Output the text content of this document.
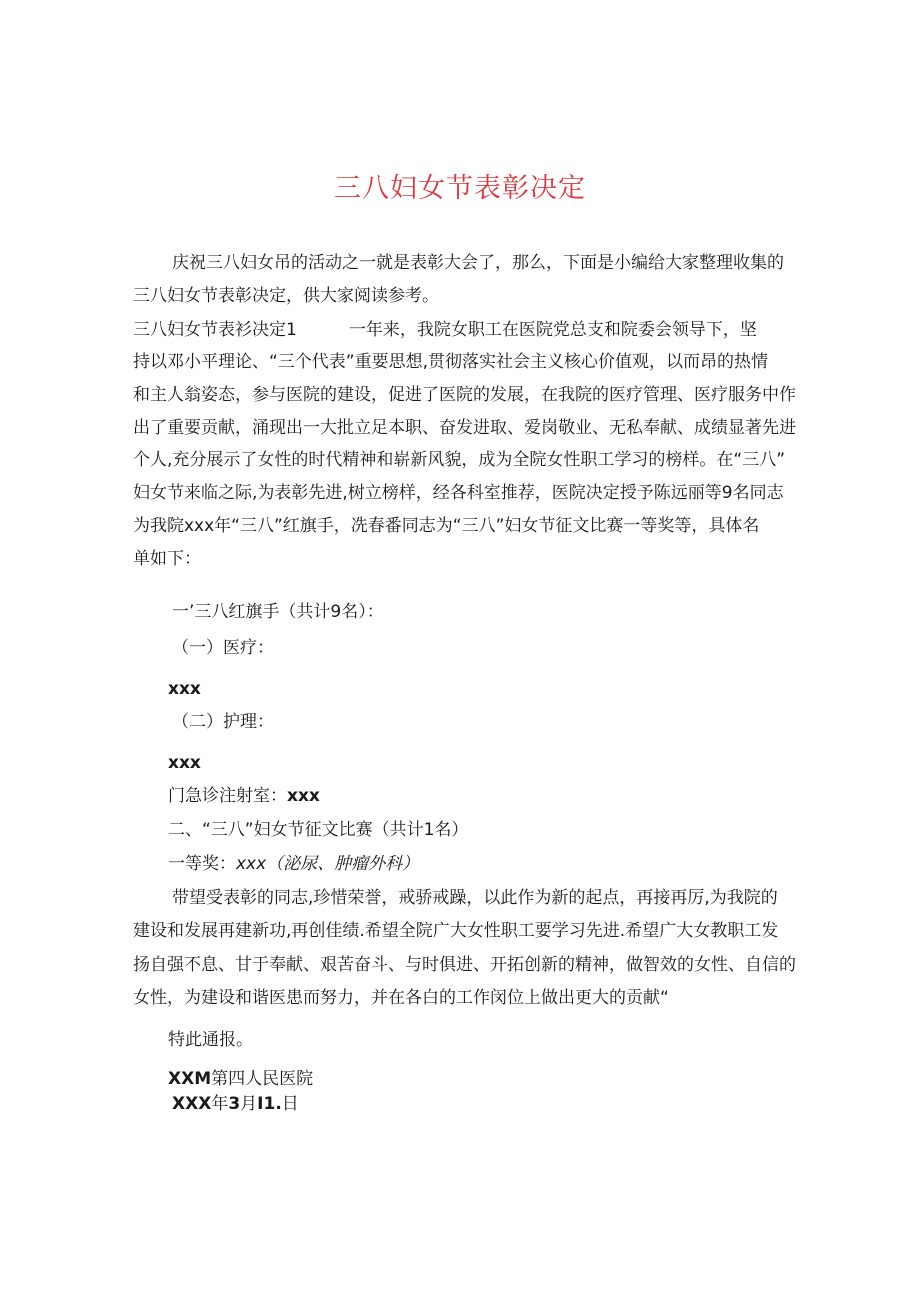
三八妇女节表彰决定
庆祝三八妇女吊的活动之一就是表彰大会了，那么，下面是小编给大家整理收集的
三八妇女节表彰决定，供大家阅读参考。
三八妇女节表衫决定1	一年来，我院女职工在医院党总支和院委会领导下，坚
持以邓小平理论、“三个代表”重要思想,贯彻落实社会主义核心价值观，以而昂的热情
和主人翁姿态，参与医院的建设，促进了医院的发展，在我院的医疗管理、医疗服务中作
出了重要贡献，涌现出一大批立足本职、奋发进取、爱岗敬业、无私奉献、成绩显著先进
个人,充分展示了女性的时代精神和崭新风貌，成为全院女性职工学习的榜样。在“三八”
妇女节来临之际,为表彰先进,树立榜样，经各科室推荐，医院决定授予陈远丽等9名同志
为我院xxx年“三八”红旗手，冼春番同志为“三八”妇女节征文比赛一等奖等，具体名
单如下：
一’三八红旗手（共计9名）：
（一）医疗：
xxx
（二）护理：
xxx
门急诊注射室：xxx
二、“三八”妇女节征文比赛（共计1名）
一等奖：xxx（泌尿、肿瘤外科）
带望受表彰的同志,珍惜荣誉，戒骄戒躁，以此作为新的起点，再接再厉,为我院的
建设和发展再建新功,再创佳绩.希望全院广大女性职工要学习先进.希望广大女教职工发
扬自强不息、甘于奉献、艰苦奋斗、与时俱进、开拓创新的精神，做智效的女性、自信的
女性，为建设和谐医患而努力，并在各白的工作闵位上做出更大的贡献“
特此通报。
XXM第四人民医院
XXX年3月I1.日
